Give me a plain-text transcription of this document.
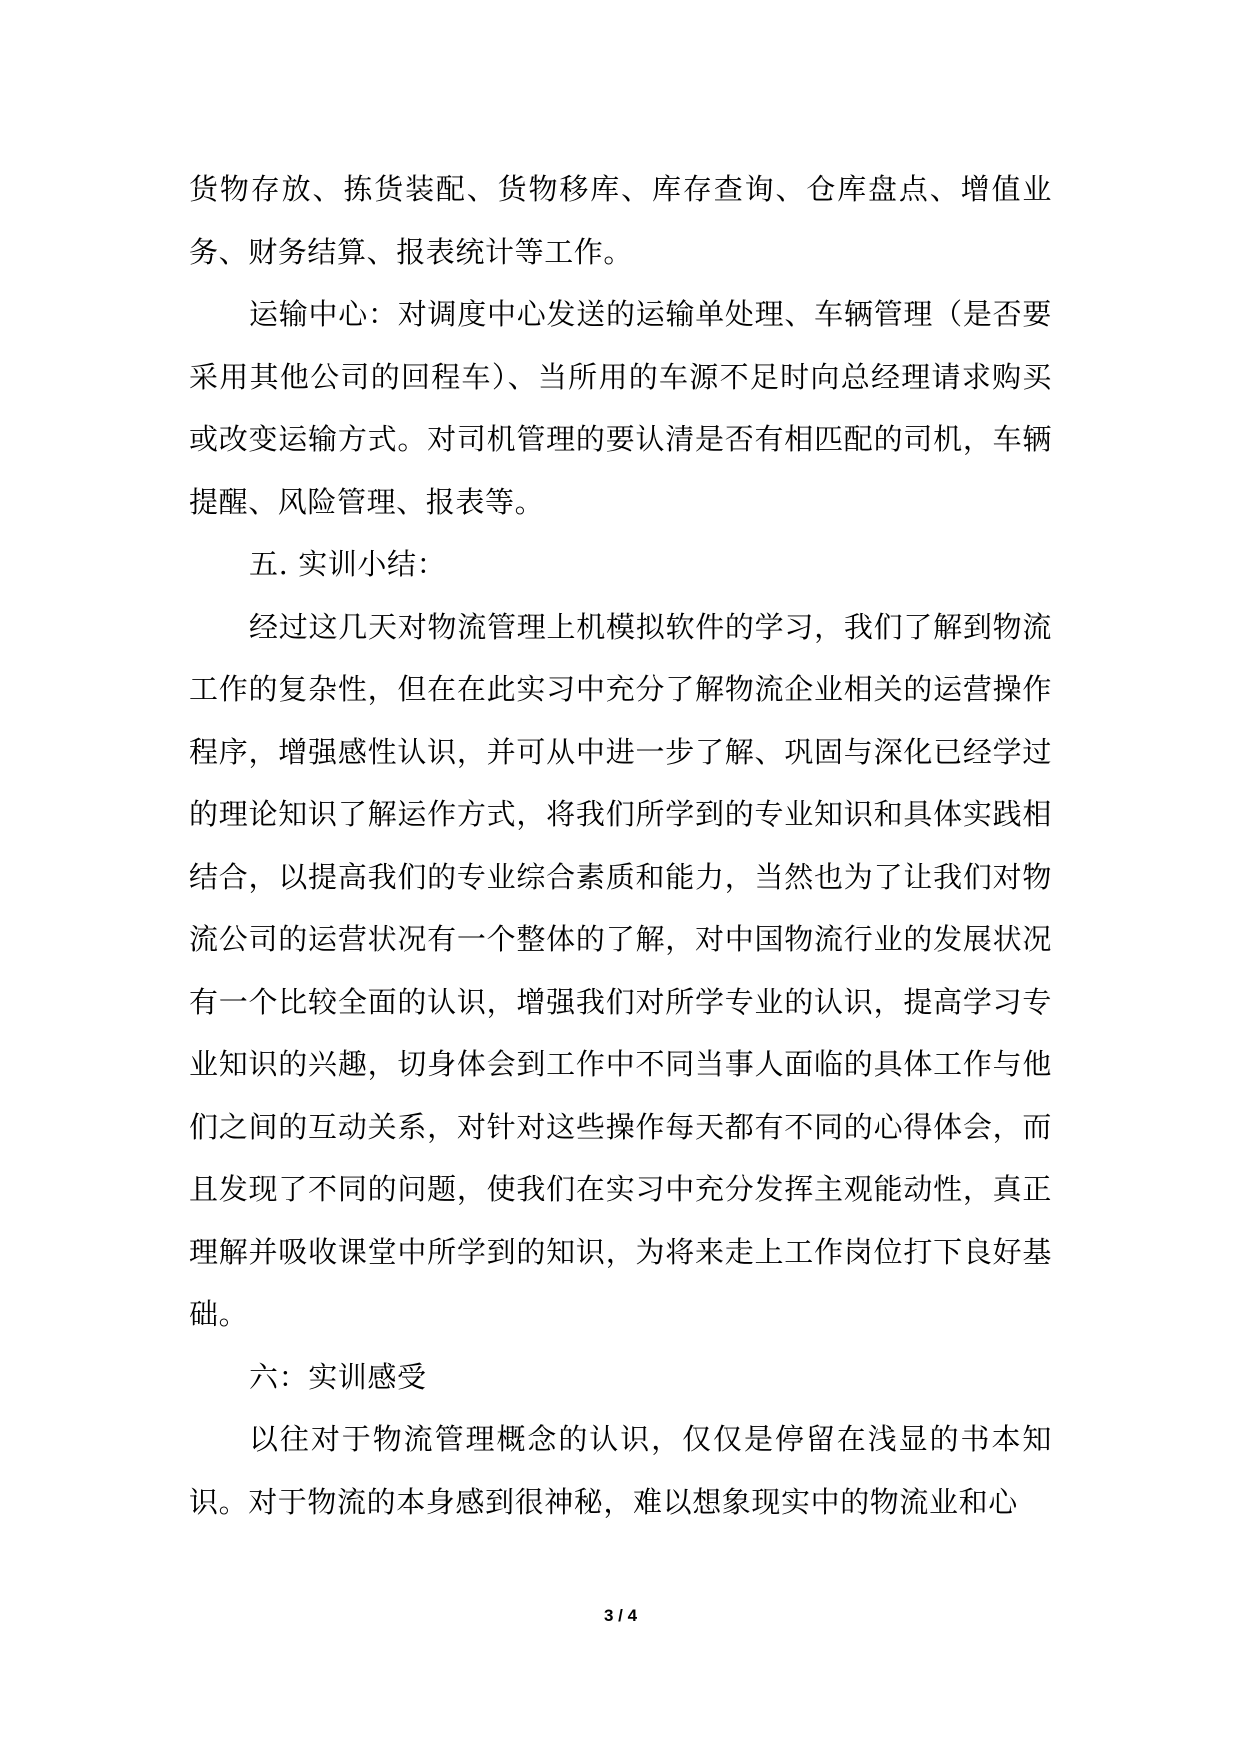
货物存放、拣货装配、货物移库、库存查询、仓库盘点、增值业务、财务结算、报表统计等工作。

运输中心：对调度中心发送的运输单处理、车辆管理（是否要采用其他公司的回程车）、当所用的车源不足时向总经理请求购买或改变运输方式。对司机管理的要认清是否有相匹配的司机，车辆提醒、风险管理、报表等。

五. 实训小结：

经过这几天对物流管理上机模拟软件的学习，我们了解到物流工作的复杂性，但在在此实习中充分了解物流企业相关的运营操作程序，增强感性认识，并可从中进一步了解、巩固与深化已经学过的理论知识了解运作方式，将我们所学到的专业知识和具体实践相结合，以提高我们的专业综合素质和能力，当然也为了让我们对物流公司的运营状况有一个整体的了解，对中国物流行业的发展状况有一个比较全面的认识，增强我们对所学专业的认识，提高学习专业知识的兴趣，切身体会到工作中不同当事人面临的具体工作与他们之间的互动关系，对针对这些操作每天都有不同的心得体会，而且发现了不同的问题，使我们在实习中充分发挥主观能动性，真正理解并吸收课堂中所学到的知识，为将来走上工作岗位打下良好基础。

六：实训感受

以往对于物流管理概念的认识，仅仅是停留在浅显的书本知识。对于物流的本身感到很神秘，难以想象现实中的物流业和心

3 / 4
